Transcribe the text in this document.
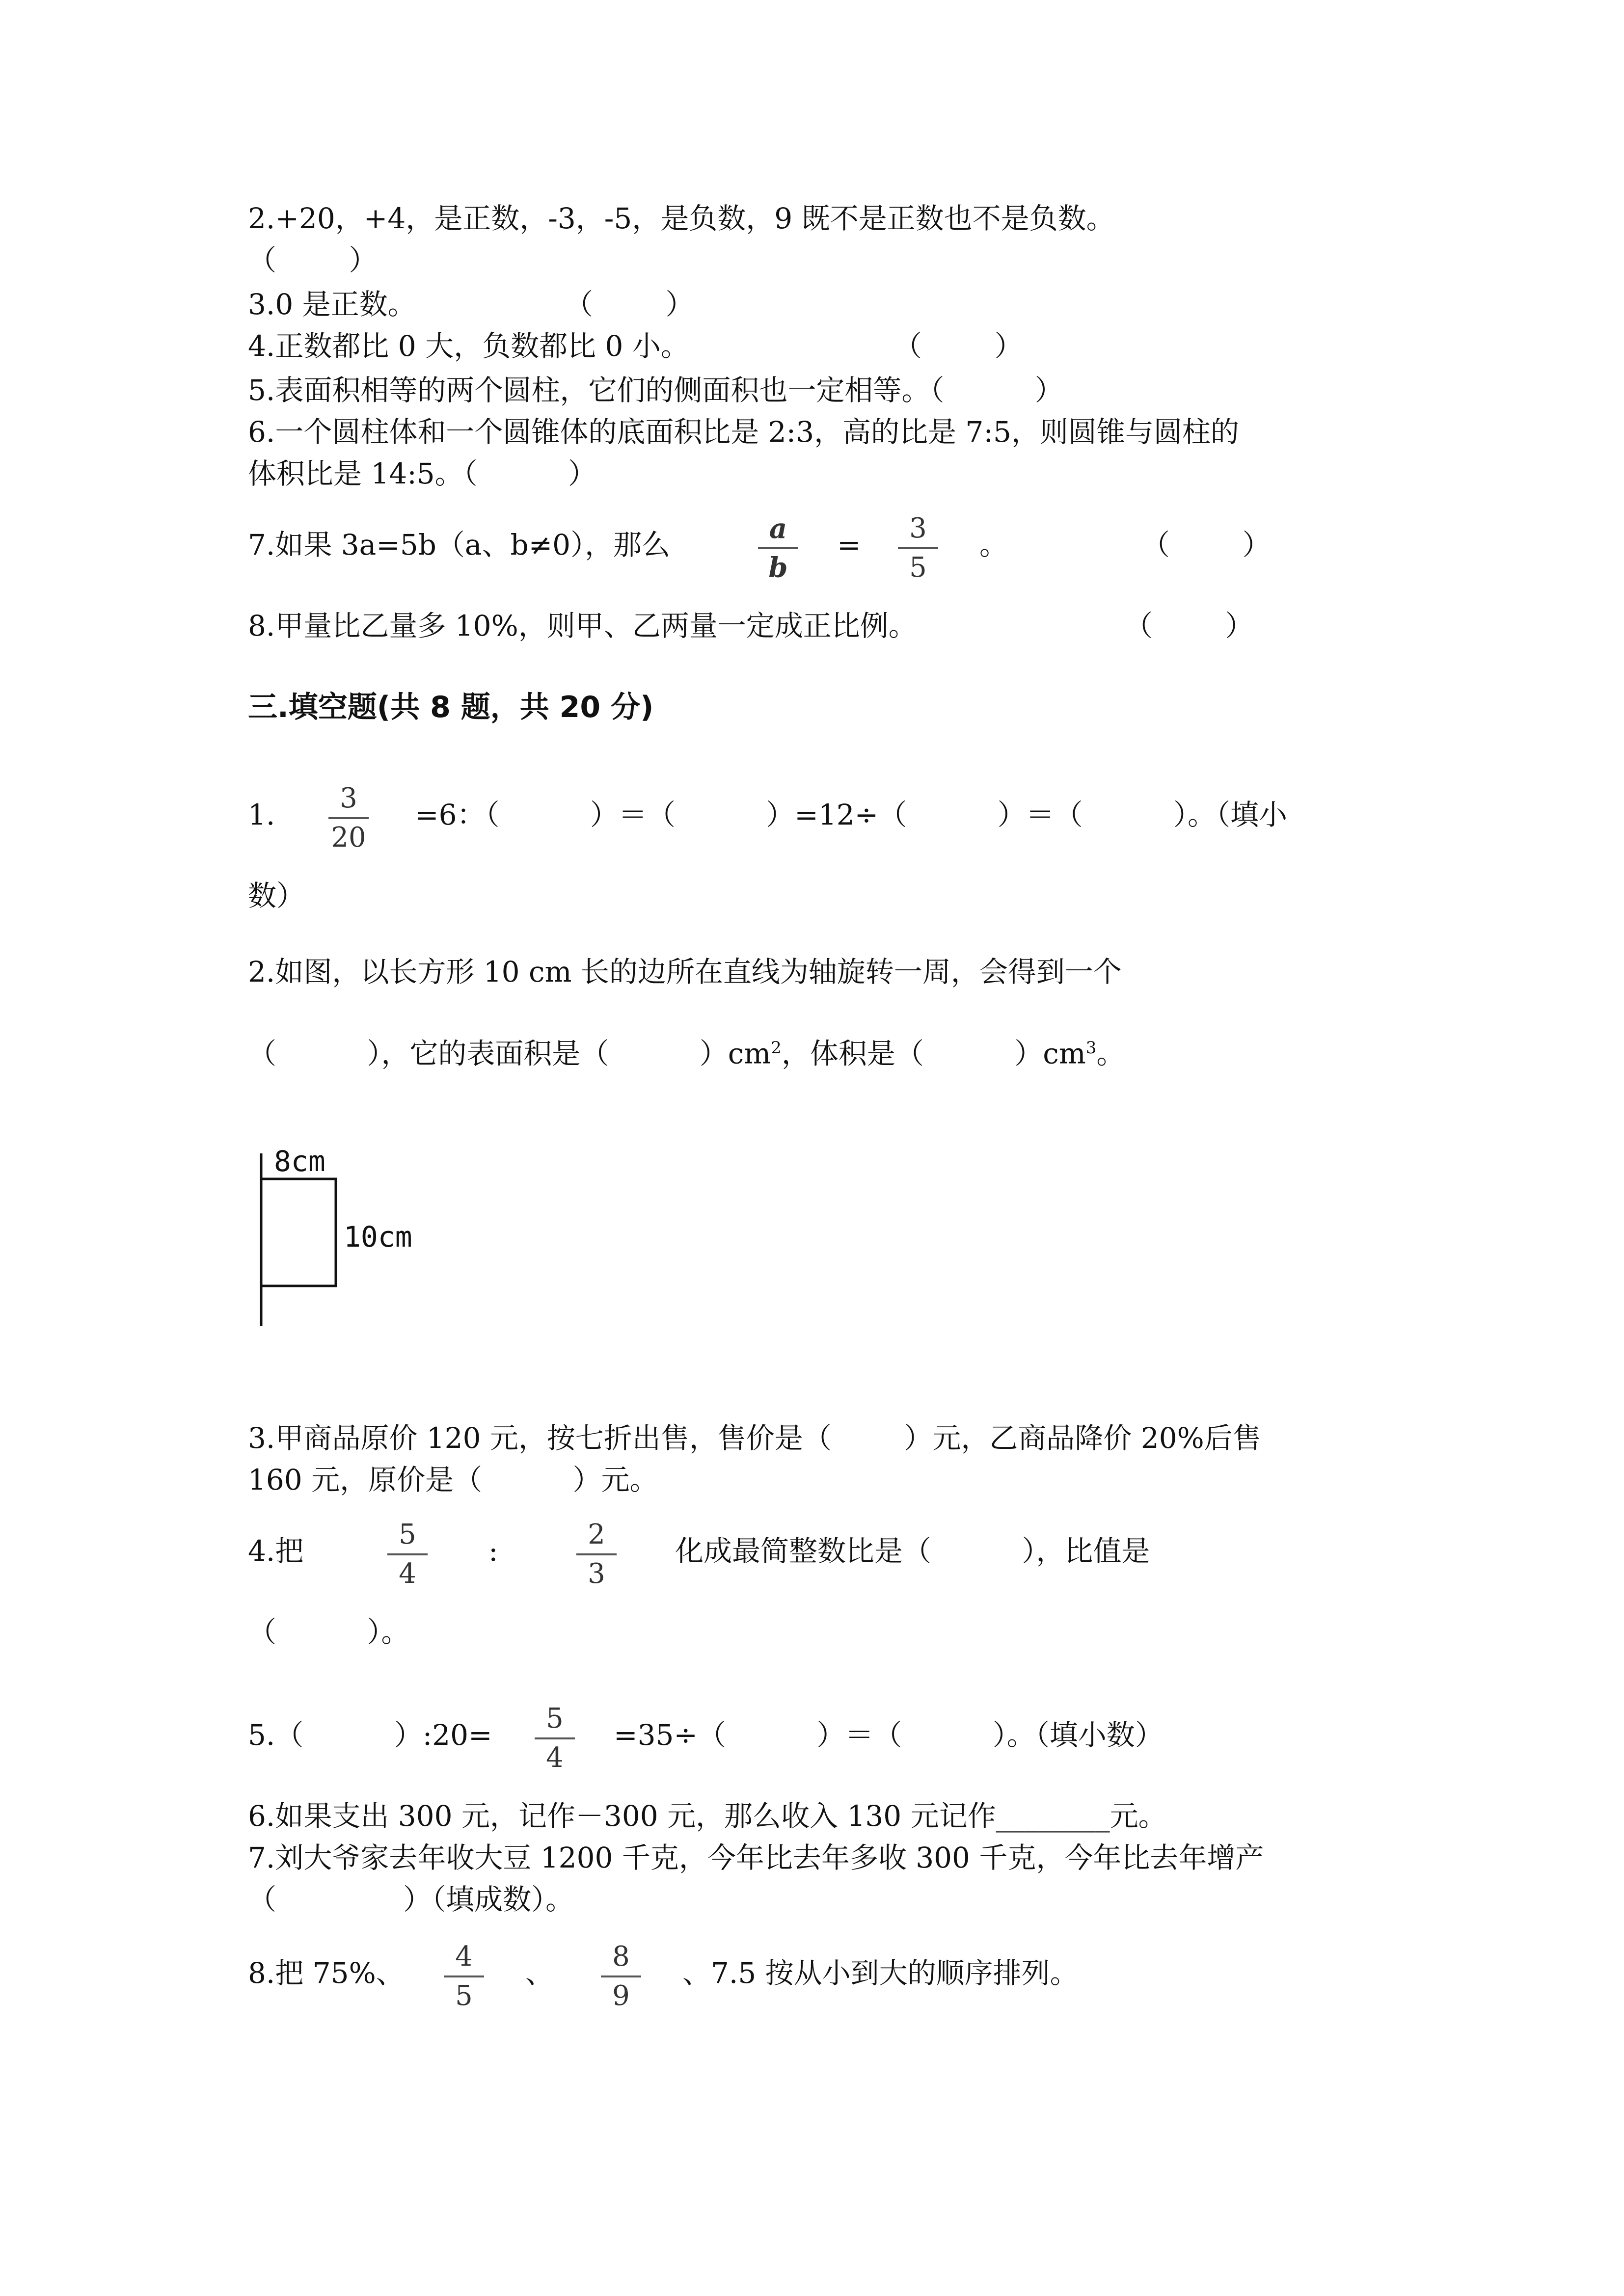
2.+20，+4，是正数，-3，-5，是负数，9 既不是正数也不是负数。
（        ）
3.0 是正数。	（        ）
4.正数都比 0 大，负数都比 0 小。	（        ）
5.表面积相等的两个圆柱，它们的侧面积也一定相等。（          ）
6.一个圆柱体和一个圆锥体的底面积比是 2:3，高的比是 7:5，则圆锥与圆柱的
体积比是 14:5。（          ）
7.如果 3a=5b（a、b≠0），那么	a
b
=	3
5
。	（        ）
8.甲量比乙量多 10%，则甲、乙两量一定成正比例。	（        ）
三.填空题(共 8 题，共 20 分)
1.	3
20
=6：（          ）＝（          ）=12÷（          ）＝（          ）。（填小
数）
2.如图，以长方形 10 cm 长的边所在直线为轴旋转一周，会得到一个
（          ），它的表面积是（          ）$cm^2$，体积是（          ）$cm^3$。
8cm
10cm
3.甲商品原价 120 元，按七折出售，售价是（        ）元，乙商品降价 20%后售
160 元，原价是（          ）元。
4.把	5
4
:	2
3
化成最简整数比是（          ），比值是
（          ）。
5.（          ）:20=	5
4
=35÷（          ）＝（          ）。（填小数）
6.如果支出 300 元，记作－300 元，那么收入 130 元记作________元。
7.刘大爷家去年收大豆 1200 千克，今年比去年多收 300 千克，今年比去年增产
（              ）（填成数）。
8.把 75%、	4
5
、	8
9
、7.5 按从小到大的顺序排列。
